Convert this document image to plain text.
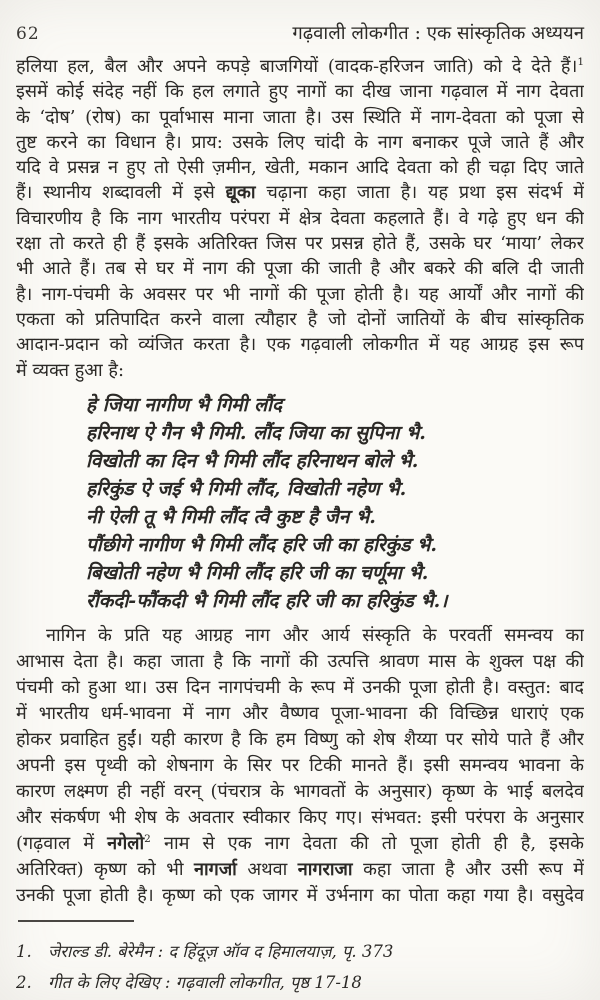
62	गढ़वाली लोकगीत : एक सांस्कृतिक अध्ययन
हलिया हल, बैल और अपने कपड़े बाजगियों (वादक-हरिजन जाति) को दे देते हैं।$^1$
इसमें कोई संदेह नहीं कि हल लगाते हुए नागों का दीख जाना गढ़वाल में नाग देवता
के ‘दोष’ (रोष) का पूर्वाभास माना जाता है। उस स्थिति में नाग-देवता को पूजा से
तुष्ट करने का विधान है। प्राय: उसके लिए चांदी के नाग बनाकर पूजे जाते हैं और
यदि वे प्रसन्न न हुए तो ऐसी ज़मीन, खेती, मकान आदि देवता को ही चढ़ा दिए जाते
हैं। स्थानीय शब्दावली में इसे द्यूका चढ़ाना कहा जाता है। यह प्रथा इस संदर्भ में
विचारणीय है कि नाग भारतीय परंपरा में क्षेत्र देवता कहलाते हैं। वे गढ़े हुए धन की
रक्षा तो करते ही हैं इसके अतिरिक्त जिस पर प्रसन्न होते हैं, उसके घर ‘माया’ लेकर
भी आते हैं। तब से घर में नाग की पूजा की जाती है और बकरे की बलि दी जाती
है। नाग-पंचमी के अवसर पर भी नागों की पूजा होती है। यह आर्यों और नागों की
एकता को प्रतिपादित करने वाला त्यौहार है जो दोनों जातियों के बीच सांस्कृतिक
आदान-प्रदान को व्यंजित करता है। एक गढ़वाली लोकगीत में यह आग्रह इस रूप
में व्यक्त हुआ है:
हे जिया नागीण भै गिमी लौंद
हरिनाथ ऐ गैन भै गिमी. लौंद जिया का सुपिना भै.
विखोती का दिन भै गिमी लौंद हरिनाथन बोले भै.
हरिकुंड ऐ जई भै गिमी लौंद, विखोती नहेण भै.
नी ऐली तू भै गिमी लौंद त्वै कुष्ट है जैन भै.
पौंछीगे नागीण भै गिमी लौंद हरि जी का हरिकुंड भै.
बिखोती नहेण भै गिमी लौंद हरि जी का चर्णूमा भै.
रौंकदी-फौंकदी भै गिमी लौंद हरि जी का हरिकुंड भै.।
नागिन के प्रति यह आग्रह नाग और आर्य संस्कृति के परवर्ती समन्वय का
आभास देता है। कहा जाता है कि नागों की उत्पत्ति श्रावण मास के शुक्ल पक्ष की
पंचमी को हुआ था। उस दिन नागपंचमी के रूप में उनकी पूजा होती है। वस्तुत: बाद
में भारतीय धर्म-भावना में नाग और वैष्णव पूजा-भावना की विच्छिन्न धाराएं एक
होकर प्रवाहित हुईं। यही कारण है कि हम विष्णु को शेष शैय्या पर सोये पाते हैं और
अपनी इस पृथ्वी को शेषनाग के सिर पर टिकी मानते हैं। इसी समन्वय भावना के
कारण लक्ष्मण ही नहीं वरन् (पंचरात्र के भागवतों के अनुसार) कृष्ण के भाई बलदेव
और संकर्षण भी शेष के अवतार स्वीकार किए गए। संभवत: इसी परंपरा के अनुसार
(गढ़वाल में नगेलो$^2$ नाम से एक नाग देवता की तो पूजा होती ही है, इसके
अतिरिक्त) कृष्ण को भी नागर्जा अथवा नागराजा कहा जाता है और उसी रूप में
उनकी पूजा होती है। कृष्ण को एक जागर में उर्भनाग का पोता कहा गया है। वसुदेव
1. जेराल्ड डी. बेरेमैन : द हिंदूज़ ऑव द हिमालयाज़, पृ. 373
2. गीत के लिए देखिए : गढ़वाली लोकगीत, पृष्ठ 17-18
